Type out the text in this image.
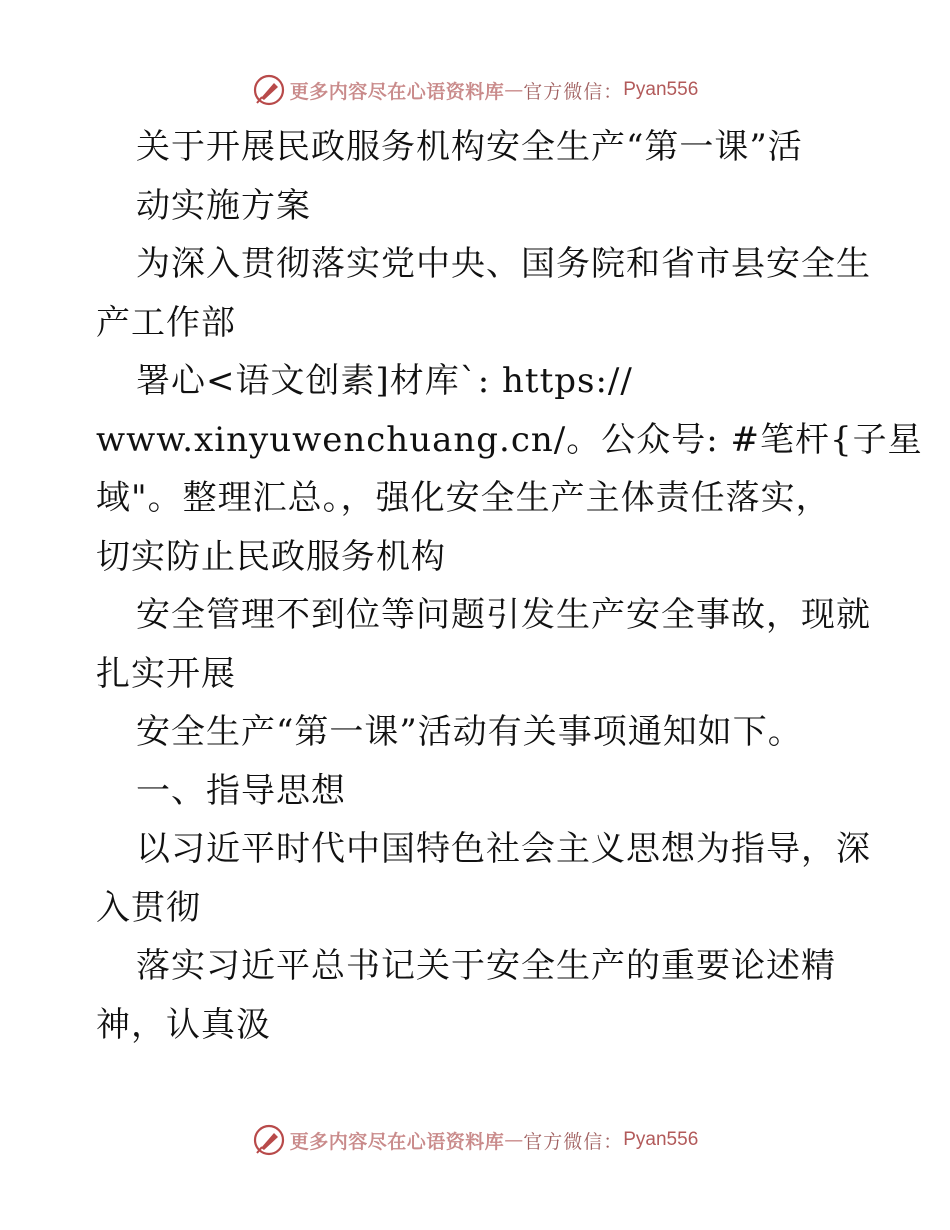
更多内容尽在心语资料库 — 官方微信： Pyan556
关于开展民政服务机构安全生产“第一课”活
动实施方案
为深入贯彻落实党中央、国务院和省市县安全生
产工作部
署心<语文创素]材库`: https://
www.xinyuwenchuang.cn/。公众号: #笔杆{子星
域"。整理汇总。，强化安全生产主体责任落实，
切实防止民政服务机构
安全管理不到位等问题引发生产安全事故，现就
扎实开展
安全生产“第一课”活动有关事项通知如下。
一、指导思想
以习近平时代中国特色社会主义思想为指导，深
入贯彻
落实习近平总书记关于安全生产的重要论述精
神，认真汲
更多内容尽在心语资料库 — 官方微信： Pyan556
